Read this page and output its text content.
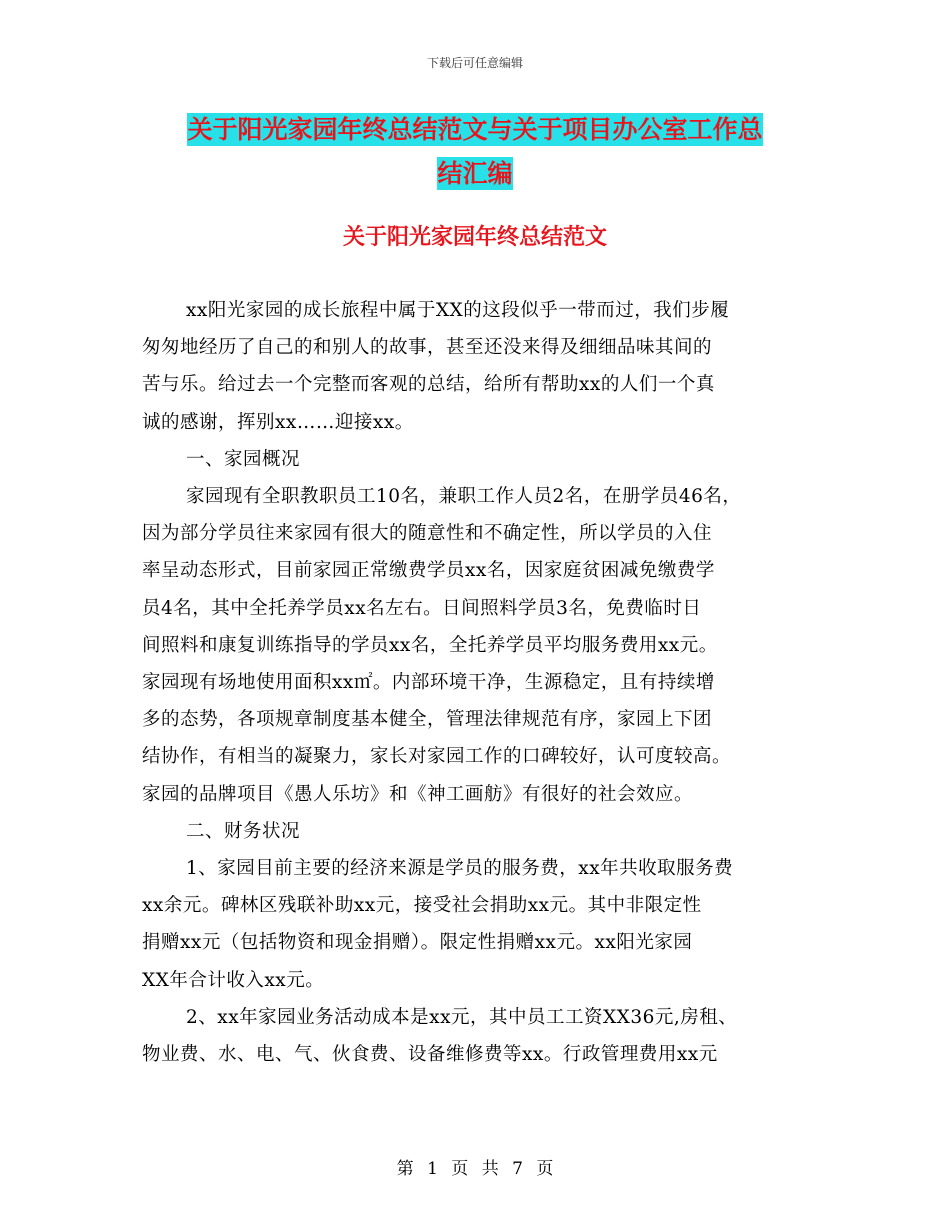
下载后可任意编辑
关于阳光家园年终总结范文与关于项目办公室工作总
结汇编
关于阳光家园年终总结范文
xx阳光家园的成长旅程中属于XX的这段似乎一带而过，我们步履
匆匆地经历了自己的和别人的故事，甚至还没来得及细细品味其间的
苦与乐。给过去一个完整而客观的总结，给所有帮助xx的人们一个真
诚的感谢，挥别xx……迎接xx。
一、家园概况
家园现有全职教职员工10名，兼职工作人员2名，在册学员46名，
因为部分学员往来家园有很大的随意性和不确定性，所以学员的入住
率呈动态形式，目前家园正常缴费学员xx名，因家庭贫困减免缴费学
员4名，其中全托养学员xx名左右。日间照料学员3名，免费临时日
间照料和康复训练指导的学员xx名，全托养学员平均服务费用xx元。
家园现有场地使用面积xx㎡。内部环境干净，生源稳定，且有持续增
多的态势，各项规章制度基本健全，管理法律规范有序，家园上下团
结协作，有相当的凝聚力，家长对家园工作的口碑较好，认可度较高。
家园的品牌项目《愚人乐坊》和《神工画舫》有很好的社会效应。
二、财务状况
1、家园目前主要的经济来源是学员的服务费，xx年共收取服务费
xx余元。碑林区残联补助xx元，接受社会捐助xx元。其中非限定性
捐赠xx元（包括物资和现金捐赠）。限定性捐赠xx元。xx阳光家园
XX年合计收入xx元。
2、xx年家园业务活动成本是xx元，其中员工工资XX36元,房租、
物业费、水、电、气、伙食费、设备维修费等xx。行政管理费用xx元
第 1 页 共 7 页
